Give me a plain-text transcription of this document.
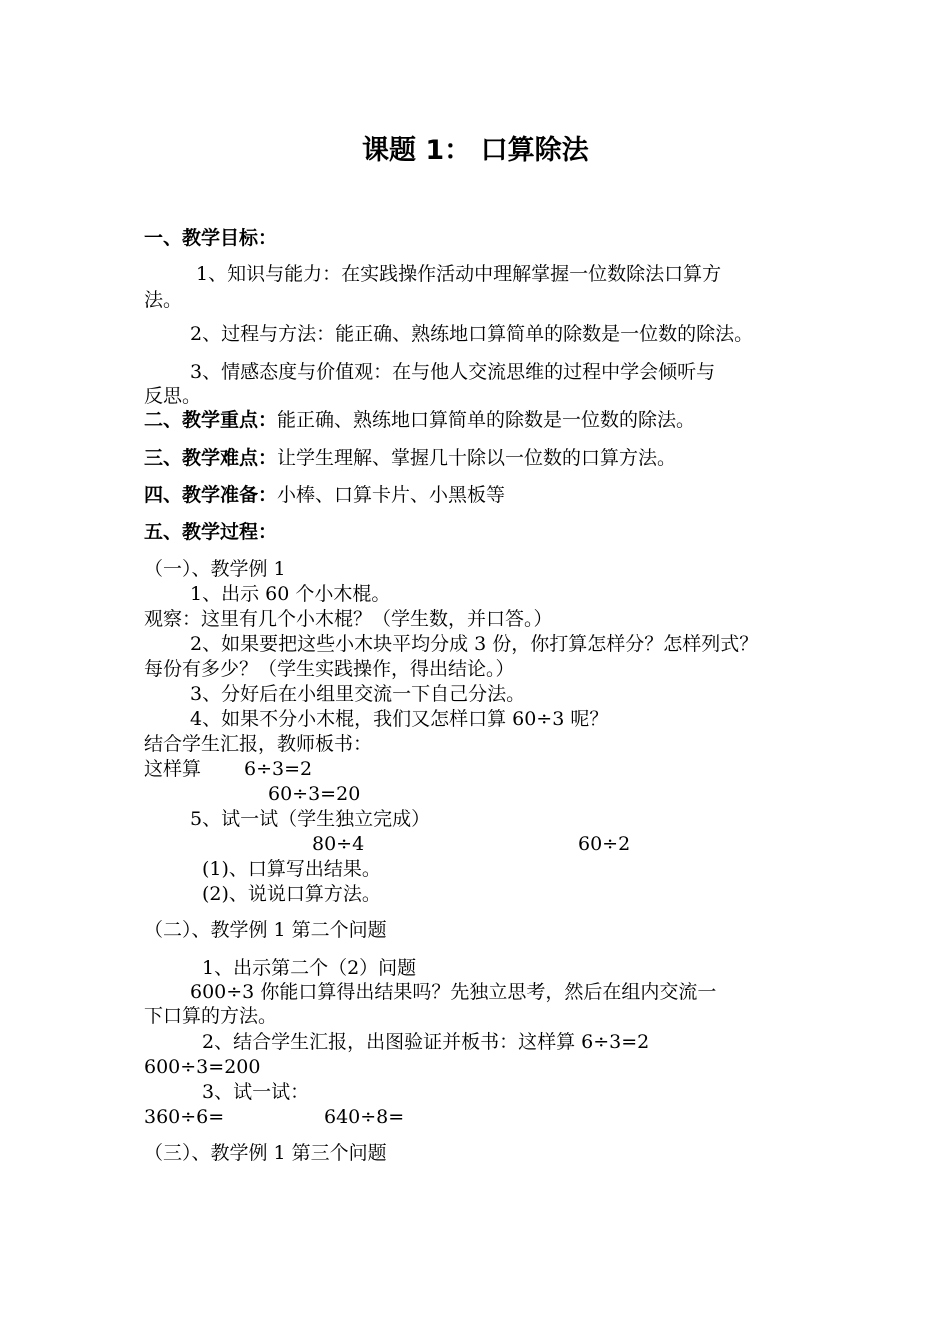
课题 1： 口算除法
一、教学目标：
1、知识与能力：在实践操作活动中理解掌握一位数除法口算方
法。
2、过程与方法：能正确、熟练地口算简单的除数是一位数的除法。
3、情感态度与价值观：在与他人交流思维的过程中学会倾听与
反思。
二、教学重点：能正确、熟练地口算简单的除数是一位数的除法。
三、教学难点：让学生理解、掌握几十除以一位数的口算方法。
四、教学准备：小棒、口算卡片、小黑板等
五、教学过程：
（一）、教学例 1
1、出示 60 个小木棍。
观察：这里有几个小木棍？（学生数，并口答。）
2、如果要把这些小木块平均分成 3 份，你打算怎样分？怎样列式？
每份有多少？（学生实践操作，得出结论。）
3、分好后在小组里交流一下自己分法。
4、如果不分小木棍，我们又怎样口算 60÷3 呢？
结合学生汇报，教师板书：
这样算 6÷3=2
60÷3=20
5、试一试（学生独立完成）
80÷4	60÷2
(1)、口算写出结果。
(2)、说说口算方法。
（二）、教学例 1 第二个问题
1、出示第二个（2）问题
600÷3 你能口算得出结果吗？先独立思考，然后在组内交流一
下口算的方法。
2、结合学生汇报，出图验证并板书：这样算 6÷3=2
600÷3=200
3、试一试：
360÷6=	640÷8=
（三）、教学例 1 第三个问题
